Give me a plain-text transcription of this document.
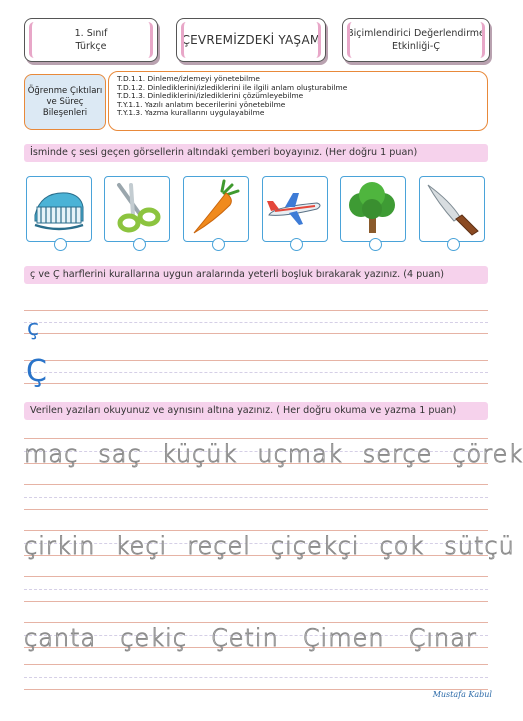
1. Sınıf
Türkçe	ÇEVREMİZDEKİ YAŞAM	Biçimlendirici Değerlendirme
Etkinliği-Ç
Öğrenme Çıktıları
ve Süreç
Bileşenleri
T.D.1.1. Dinleme/izlemeyi yönetebilme
T.D.1.2. Dinlediklerini/izlediklerini ile ilgili anlam oluşturabilme
T.D.1.3. Dinlediklerini/izlediklerini çözümleyebilme
T.Y.1.1. Yazılı anlatım becerilerini yönetebilme
T.Y.1.3. Yazma kurallarını uygulayabilme
İsminde ç sesi geçen görsellerin altındaki çemberi boyayınız. (Her doğru 1 puan)
ç ve Ç harflerini kurallarına uygun aralarında yeterli boşluk bırakarak yazınız. (4 puan)
ç
Ç
Verilen yazıları okuyunuz ve aynısını altına yazınız. ( Her doğru okuma ve yazma 1 puan)
maç saç küçük uçmak serçe çörek
çirkin keçi reçel çiçekçi çok sütçü
çanta çekiç Çetin Çimen Çınar
Mustafa Kabul
